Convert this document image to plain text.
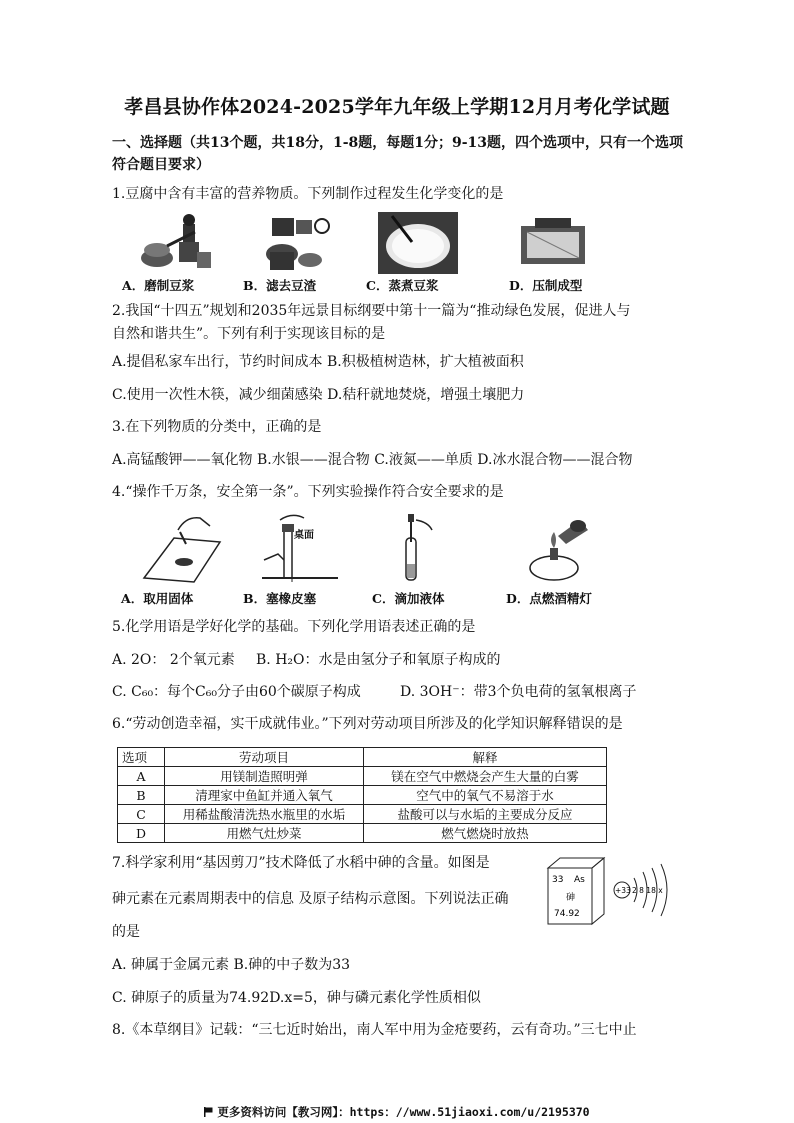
孝昌县协作体2024-2025学年九年级上学期12月月考化学试题
一、选择题（共13个题，共18分，1-8题，每题1分；9-13题，四个选项中，只有一个选项符合题目要求）
1.豆腐中含有丰富的营养物质。下列制作过程发生化学变化的是
A．磨制豆浆	B．滤去豆渣	C．蒸煮豆浆	D．压制成型
2.我国“十四五”规划和2035年远景目标纲要中第十一篇为“推动绿色发展，促进人与
自然和谐共生”。下列有利于实现该目标的是
A.提倡私家车出行，节约时间成本 B.积极植树造林，扩大植被面积
C.使用一次性木筷，减少细菌感染 D.秸秆就地焚烧，增强土壤肥力
3.在下列物质的分类中，正确的是
A.高锰酸钾——氧化物 B.水银——混合物 C.液氮——单质 D.冰水混合物——混合物
4.“操作千万条，安全第一条”。下列实验操作符合安全要求的是
桌面
A．取用固体	B．塞橡皮塞	C．滴加液体	D．点燃酒精灯
5.化学用语是学好化学的基础。下列化学用语表述正确的是
A. 2O： 2个氧元素 B. H₂O：水是由氢分子和氧原子构成的
C. C₆₀：每个C₆₀分子由60个碳原子构成	D. 3OH⁻：带3个负电荷的氢氧根离子
6.“劳动创造幸福，实干成就伟业。”下列对劳动项目所涉及的化学知识解释错误的是
选项	劳动项目	解释
A	用镁制造照明弹	镁在空气中燃烧会产生大量的白雾
B	清理家中鱼缸并通入氧气	空气中的氧气不易溶于水
C	用稀盐酸清洗热水瓶里的水垢	盐酸可以与水垢的主要成分反应
D	用燃气灶炒菜	燃气燃烧时放热
7.科学家利用“基因剪刀”技术降低了水稻中砷的含量。如图是
砷元素在元素周期表中的信息 及原子结构示意图。下列说法正确
的是
33 As
砷
74.92
+33 2 8 18 x
A. 砷属于金属元素 B.砷的中子数为33
C. 砷原子的质量为74.92D.x=5，砷与磷元素化学性质相似
8.《本草纲目》记载：“三七近时始出，南人军中用为金疮要药，云有奇功。”三七中止
更多资料访问【教习网】：https：//www.51jiaoxi.com/u/2195370
